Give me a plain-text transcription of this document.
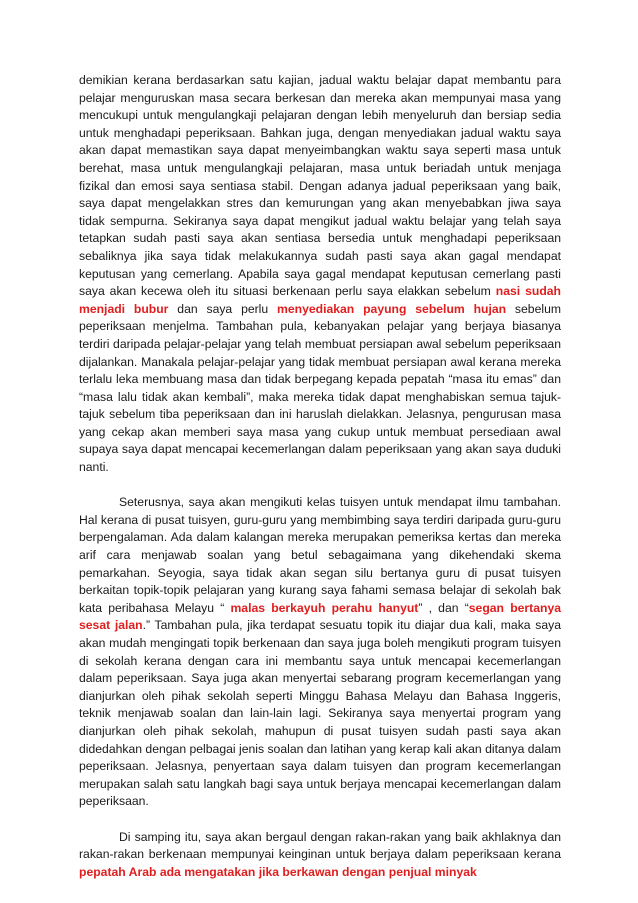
demikian kerana berdasarkan satu kajian, jadual waktu belajar dapat membantu para pelajar menguruskan masa secara berkesan dan mereka akan mempunyai masa yang mencukupi untuk mengulangkaji pelajaran dengan lebih menyeluruh dan bersiap sedia untuk menghadapi peperiksaan. Bahkan juga, dengan menyediakan jadual waktu saya akan dapat memastikan saya dapat menyeimbangkan waktu saya seperti masa untuk berehat, masa untuk mengulangkaji pelajaran, masa untuk beriadah untuk menjaga fizikal dan emosi saya sentiasa stabil. Dengan adanya jadual peperiksaan yang baik, saya dapat mengelakkan stres dan kemurungan yang akan menyebabkan jiwa saya tidak sempurna. Sekiranya saya dapat mengikut jadual waktu belajar yang telah saya tetapkan sudah pasti saya akan sentiasa bersedia untuk menghadapi peperiksaan sebaliknya jika saya tidak melakukannya sudah pasti saya akan gagal mendapat keputusan yang cemerlang. Apabila saya gagal mendapat keputusan cemerlang pasti saya akan kecewa oleh itu situasi berkenaan perlu saya elakkan sebelum nasi sudah menjadi bubur dan saya perlu menyediakan payung sebelum hujan sebelum peperiksaan menjelma. Tambahan pula, kebanyakan pelajar yang berjaya biasanya terdiri daripada pelajar-pelajar yang telah membuat persiapan awal sebelum peperiksaan dijalankan. Manakala pelajar-pelajar yang tidak membuat persiapan awal kerana mereka terlalu leka membuang masa dan tidak berpegang kepada pepatah “masa itu emas” dan “masa lalu tidak akan kembali”, maka mereka tidak dapat menghabiskan semua tajuk-tajuk sebelum tiba peperiksaan dan ini haruslah dielakkan. Jelasnya, pengurusan masa yang cekap akan memberi saya masa yang cukup untuk membuat persediaan awal supaya saya dapat mencapai kecemerlangan dalam peperiksaan yang akan saya duduki nanti.

Seterusnya, saya akan mengikuti kelas tuisyen untuk mendapat ilmu tambahan. Hal kerana di pusat tuisyen, guru-guru yang membimbing saya terdiri daripada guru-guru berpengalaman. Ada dalam kalangan mereka merupakan pemeriksa kertas dan mereka arif cara menjawab soalan yang betul sebagaimana yang dikehendaki skema pemarkahan. Seyogia, saya tidak akan segan silu bertanya guru di pusat tuisyen berkaitan topik-topik pelajaran yang kurang saya fahami semasa belajar di sekolah bak kata peribahasa Melayu “ malas berkayuh perahu hanyut” , dan “segan bertanya sesat jalan.” Tambahan pula, jika terdapat sesuatu topik itu diajar dua kali, maka saya akan mudah mengingati topik berkenaan dan saya juga boleh mengikuti program tuisyen di sekolah kerana dengan cara ini membantu saya untuk mencapai kecemerlangan dalam peperiksaan. Saya juga akan menyertai sebarang program kecemerlangan yang dianjurkan oleh pihak sekolah seperti Minggu Bahasa Melayu dan Bahasa Inggeris, teknik menjawab soalan dan lain-lain lagi. Sekiranya saya menyertai program yang dianjurkan oleh pihak sekolah, mahupun di pusat tuisyen sudah pasti saya akan didedahkan dengan pelbagai jenis soalan dan latihan yang kerap kali akan ditanya dalam peperiksaan. Jelasnya, penyertaan saya dalam tuisyen dan program kecemerlangan merupakan salah satu langkah bagi saya untuk berjaya mencapai kecemerlangan dalam peperiksaan.

Di samping itu, saya akan bergaul dengan rakan-rakan yang baik akhlaknya dan rakan-rakan berkenaan mempunyai keinginan untuk berjaya dalam peperiksaan kerana pepatah Arab ada mengatakan jika berkawan dengan penjual minyak
